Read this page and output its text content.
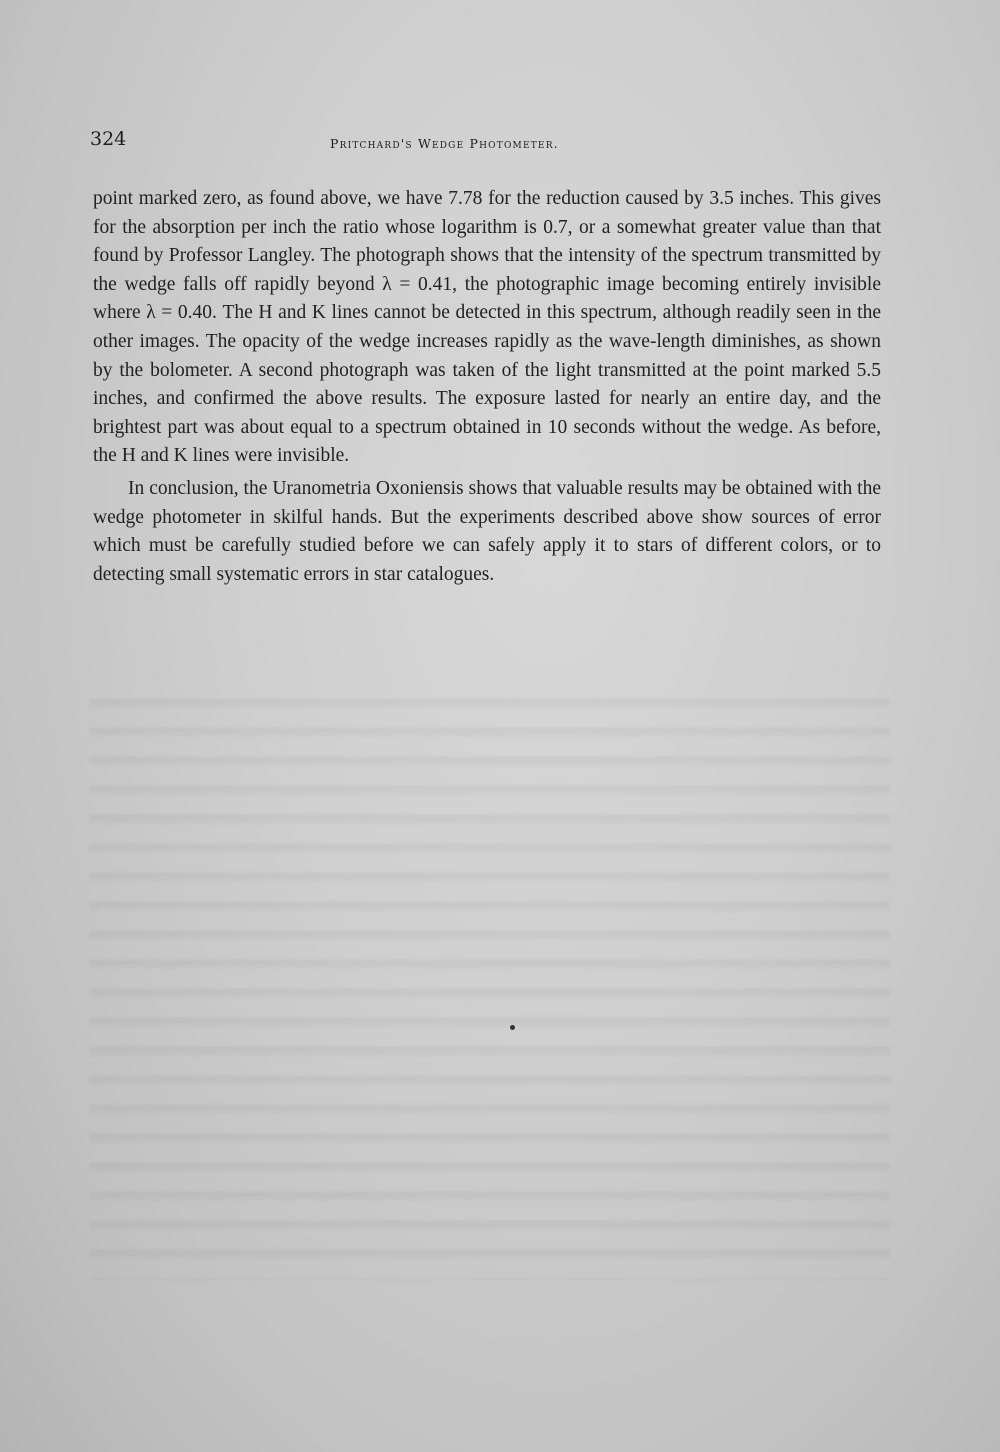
324	Pritchard's Wedge Photometer.

point marked zero, as found above, we have 7.78 for the reduction caused by 3.5 inches. This gives for the absorption per inch the ratio whose logarithm is 0.7, or a somewhat greater value than that found by Professor Langley. The photograph shows that the intensity of the spectrum transmitted by the wedge falls off rapidly beyond λ = 0.41, the photographic image becoming entirely invisible where λ = 0.40. The H and K lines cannot be detected in this spectrum, although readily seen in the other images. The opacity of the wedge increases rapidly as the wave-length diminishes, as shown by the bolometer. A second photograph was taken of the light transmitted at the point marked 5.5 inches, and confirmed the above results. The exposure lasted for nearly an entire day, and the brightest part was about equal to a spectrum obtained in 10 seconds without the wedge. As before, the H and K lines were invisible.

In conclusion, the Uranometria Oxoniensis shows that valuable results may be obtained with the wedge photometer in skilful hands. But the experiments described above show sources of error which must be carefully studied before we can safely apply it to stars of different colors, or to detecting small systematic errors in star catalogues.
